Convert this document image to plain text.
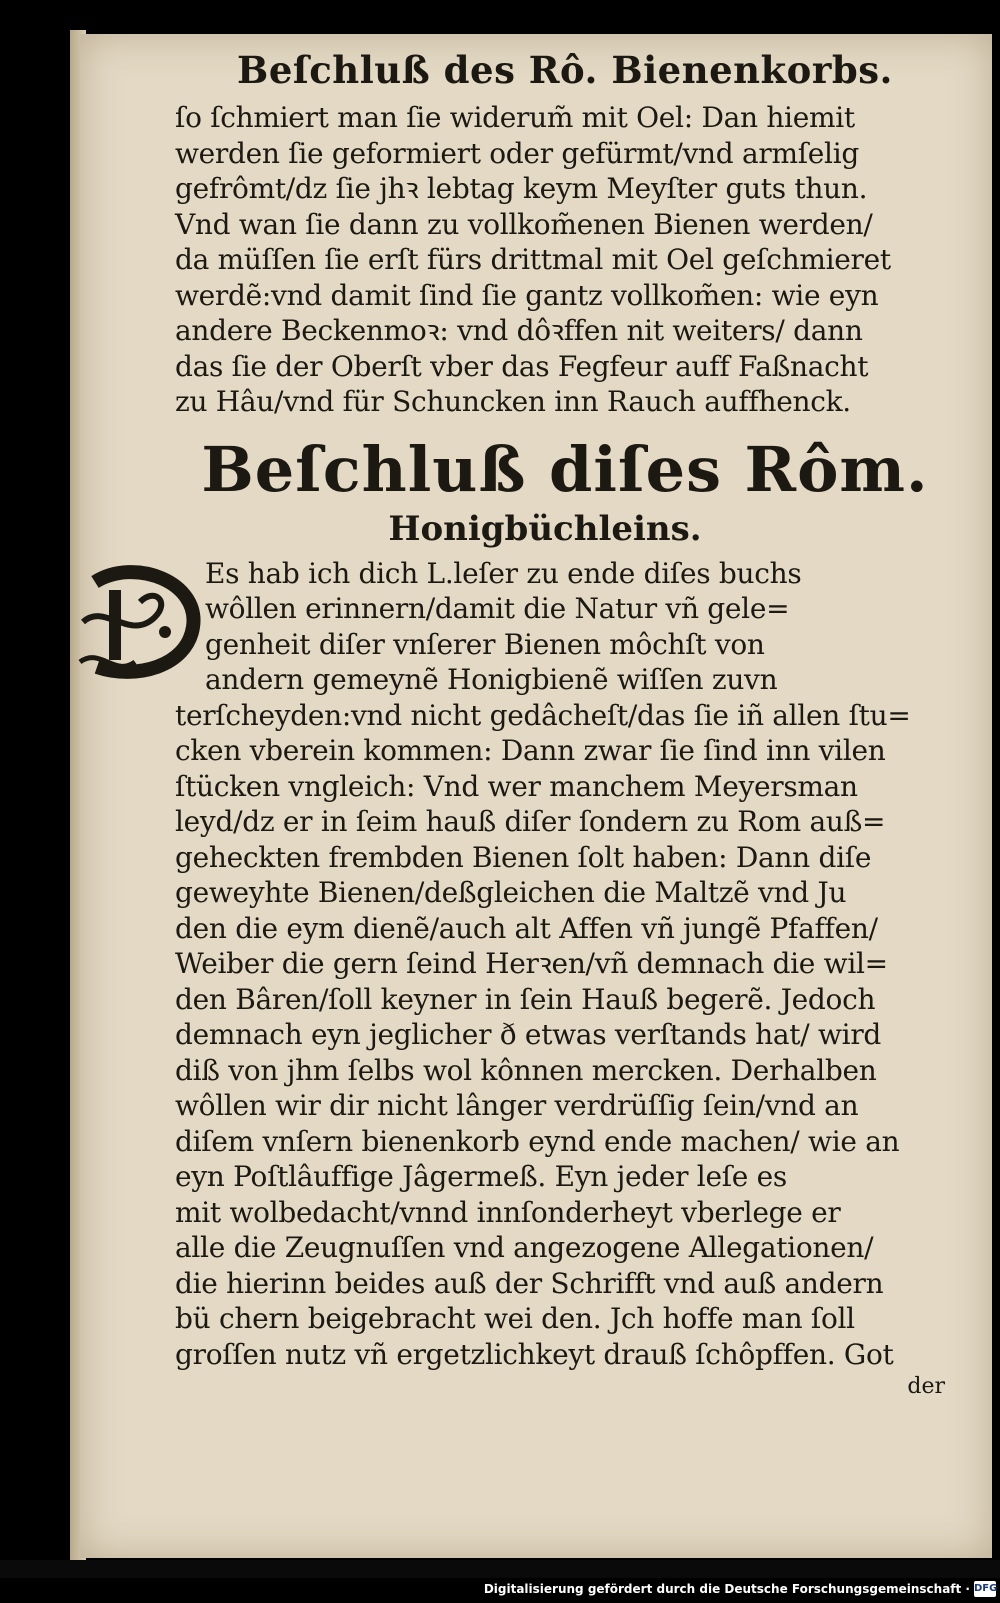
Beſchluß des Rô. Bienenkorbs.
ſo ſchmiert man ſie widerum̃ mit Oel: Dan hiemit
werden ſie geformiert oder gefürmt/vnd armſelig
gefrômt/dz ſie jhꝛ lebtag keym Meyſter guts thun.
Vnd wan ſie dann zu vollkom̃enen Bienen werden/
da müſſen ſie erſt fürs drittmal mit Oel geſchmieret
werdẽ:vnd damit ſind ſie gantz vollkom̃en: wie eyn
andere Beckenmoꝛ: vnd dôꝛffen nit weiters/ dann
das ſie der Oberſt vber das Fegfeur auff Faßnacht
zu Hâu/vnd für Schuncken inn Rauch auffhenck.
Beſchluß diſes Rôm.
Honigbüchleins.
Es hab ich dich L.leſer zu ende diſes buchs
wôllen erinnern/damit die Natur vñ gele=
genheit diſer vnſerer Bienen môchſt von
andern gemeynẽ Honigbienẽ wiſſen zuvn
terſcheyden:vnd nicht gedâcheſt/das ſie iñ allen ſtu=
cken vberein kommen: Dann zwar ſie ſind inn vilen
ſtücken vngleich: Vnd wer manchem Meyersman
leyd/dz er in ſeim hauß diſer ſondern zu Rom auß=
geheckten frembden Bienen ſolt haben: Dann diſe
geweyhte Bienen/deßgleichen die Maltzẽ vnd Ju
den die eym dienẽ/auch alt Affen vñ jungẽ Pfaffen/
Weiber die gern ſeind Herꝛen/vñ demnach die wil=
den Bâren/ſoll keyner in ſein Hauß begerẽ. Jedoch
demnach eyn jeglicher ð etwas verſtands hat/ wird
diß von jhm ſelbs wol kônnen mercken. Derhalben
wôllen wir dir nicht lânger verdrüſſig ſein/vnd an
diſem vnſern bienenkorb eynd ende machen/ wie an
eyn Poſtlâuffige Jâgermeß. Eyn jeder leſe es
mit wolbedacht/vnnd innſonderheyt vberlege er
alle die Zeugnuſſen vnd angezogene Allegationen/
die hierinn beides auß der Schrifft vnd auß andern
bü chern beigebracht wei den. Jch hoffe man ſoll
groſſen nutz vñ ergetzlichkeyt drauß ſchôpffen. Got
der
Digitalisierung gefördert durch die Deutsche Forschungsgemeinschaft · DFG
